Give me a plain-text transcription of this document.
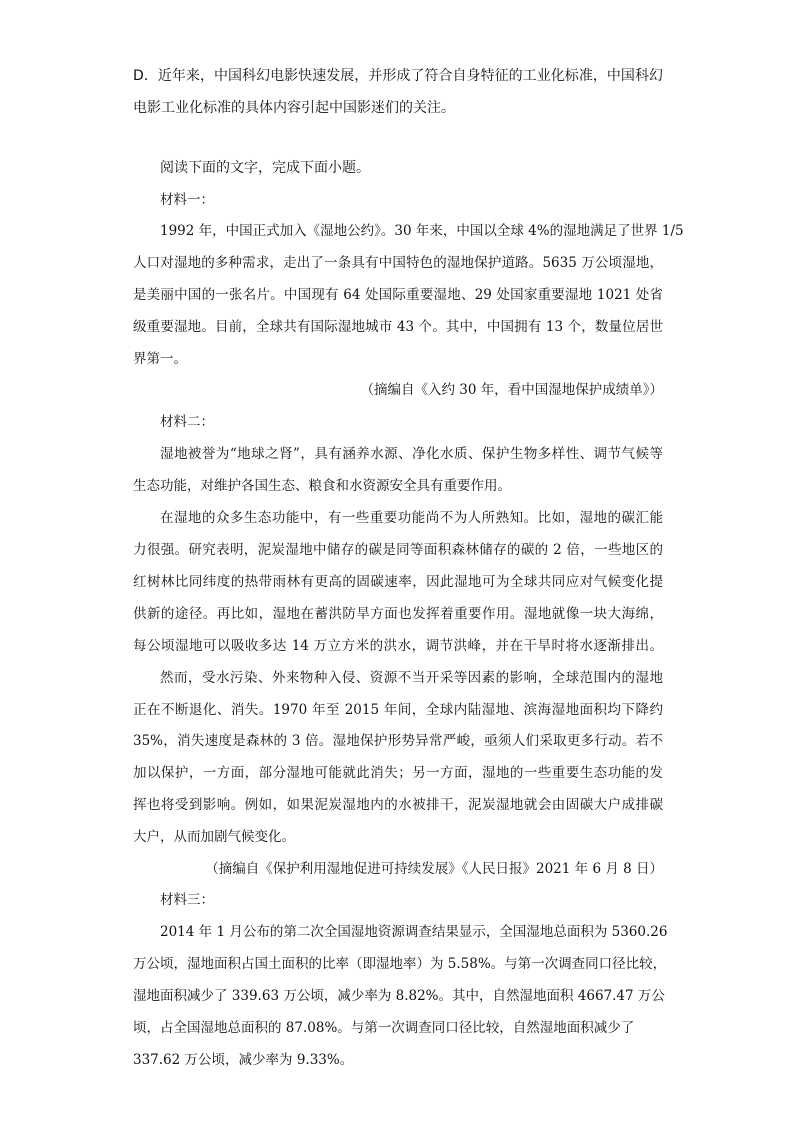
D．近年来，中国科幻电影快速发展，并形成了符合自身特征的工业化标准，中国科幻
电影工业化标准的具体内容引起中国影迷们的关注。
阅读下面的文字，完成下面小题。
材料一：
1992 年，中国正式加入《湿地公约》。30 年来，中国以全球 4%的湿地满足了世界 1/5
人口对湿地的多种需求，走出了一条具有中国特色的湿地保护道路。5635 万公顷湿地，
是美丽中国的一张名片。中国现有 64 处国际重要湿地、29 处国家重要湿地 1021 处省
级重要湿地。目前，全球共有国际湿地城市 43 个。其中，中国拥有 13 个，数量位居世
界第一。
（摘编自《入约 30 年，看中国湿地保护成绩单》）
材料二：
湿地被誉为“地球之肾”，具有涵养水源、净化水质、保护生物多样性、调节气候等
生态功能，对维护各国生态、粮食和水资源安全具有重要作用。
在湿地的众多生态功能中，有一些重要功能尚不为人所熟知。比如，湿地的碳汇能
力很强。研究表明，泥炭湿地中储存的碳是同等面积森林储存的碳的 2 倍，一些地区的
红树林比同纬度的热带雨林有更高的固碳速率，因此湿地可为全球共同应对气候变化提
供新的途径。再比如，湿地在蓄洪防旱方面也发挥着重要作用。湿地就像一块大海绵，
每公顷湿地可以吸收多达 14 万立方米的洪水，调节洪峰，并在干旱时将水逐渐排出。
然而，受水污染、外来物种入侵、资源不当开采等因素的影响，全球范围内的湿地
正在不断退化、消失。1970 年至 2015 年间，全球内陆湿地、滨海湿地面积均下降约
35%，消失速度是森林的 3 倍。湿地保护形势异常严峻，亟须人们采取更多行动。若不
加以保护，一方面，部分湿地可能就此消失；另一方面，湿地的一些重要生态功能的发
挥也将受到影响。例如，如果泥炭湿地内的水被排干，泥炭湿地就会由固碳大户成排碳
大户，从而加剧气候变化。
（摘编自《保护利用湿地促进可持续发展》《人民日报》2021 年 6 月 8 日）
材料三：
2014 年 1 月公布的第二次全国湿地资源调查结果显示，全国湿地总面积为 5360.26
万公顷，湿地面积占国土面积的比率（即湿地率）为 5.58%。与第一次调查同口径比较，
湿地面积减少了 339.63 万公顷，减少率为 8.82%。其中，自然湿地面积 4667.47 万公
顷，占全国湿地总面积的 87.08%。与第一次调查同口径比较，自然湿地面积减少了
337.62 万公顷，减少率为 9.33%。
